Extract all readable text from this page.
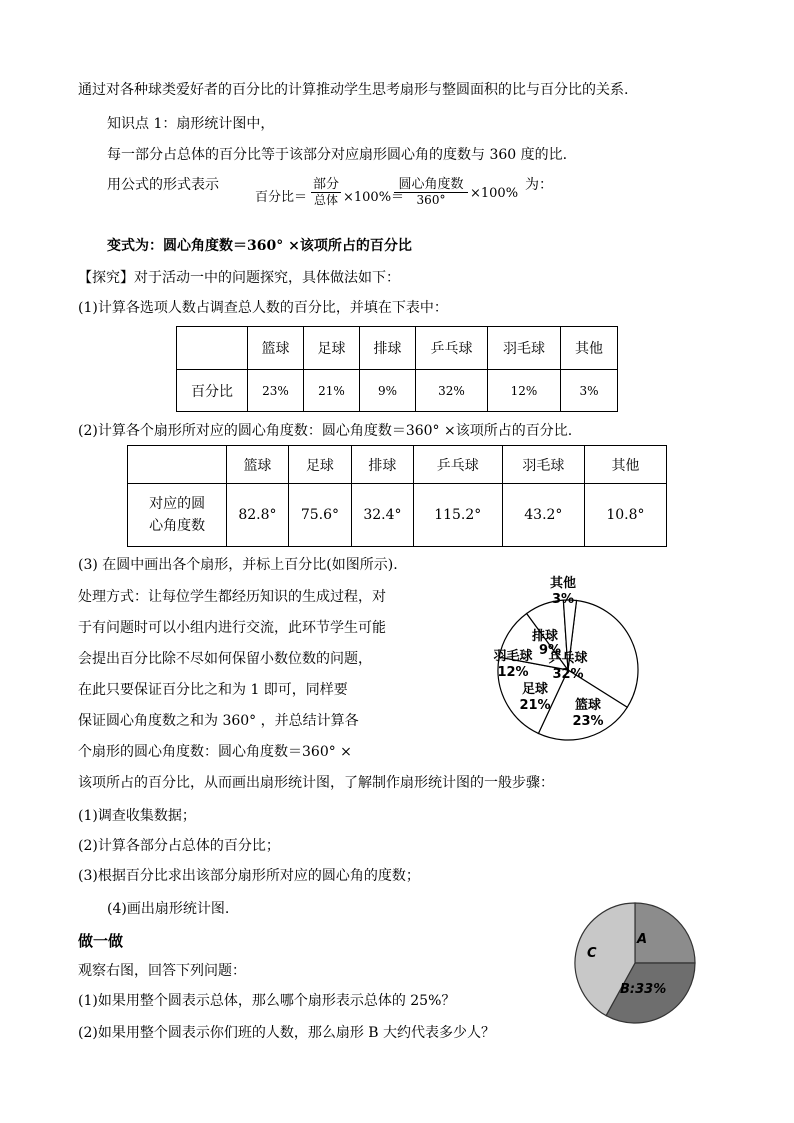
通过对各种球类爱好者的百分比的计算推动学生思考扇形与整圆面积的比与百分比的关系.
知识点 1：扇形统计图中，
每一部分占总体的百分比等于该部分对应扇形圆心角的度数与 360 度的比.
用公式的形式表示
百分比＝
部分
总体 ×100%＝
圆心角度数
360°	×100%
为：
变式为：圆心角度数＝360° ×该项所占的百分比
【探究】对于活动一中的问题探究，具体做法如下：
(1)计算各选项人数占调查总人数的百分比，并填在下表中：
	篮球	足球	排球	乒乓球	羽毛球	其他
百分比	23%	21%	9%	32%	12%	3%
(2)计算各个扇形所对应的圆心角度数：圆心角度数＝360° ×该项所占的百分比.
	篮球	足球	排球	乒乓球	羽毛球	其他
对应的圆
心角度数	82.8°	75.6°	32.4°	115.2°	43.2°	10.8°
(3) 在圆中画出各个扇形，并标上百分比(如图所示).
处理方式：让每位学生都经历知识的生成过程，对
于有问题时可以小组内进行交流，此环节学生可能
会提出百分比除不尽如何保留小数位数的问题，
在此只要保证百分比之和为 1 即可，同样要
保证圆心角度数之和为 360° ，并总结计算各
个扇形的圆心角度数：圆心角度数＝360° ×
该项所占的百分比，从而画出扇形统计图，了解制作扇形统计图的一般步骤：
(1)调查收集数据；
(2)计算各部分占总体的百分比；
(3)根据百分比求出该部分扇形所对应的圆心角的度数；
(4)画出扇形统计图.
做一做
观察右图，回答下列问题：
(1)如果用整个圆表示总体，那么哪个扇形表示总体的 25%？
(2)如果用整个圆表示你们班的人数，那么扇形 B 大约代表多少人？
乒乓球
32%
篮球
23%
足球
21%
羽毛球
12%
排球
9%
其他
3%
A
B:33%
C
